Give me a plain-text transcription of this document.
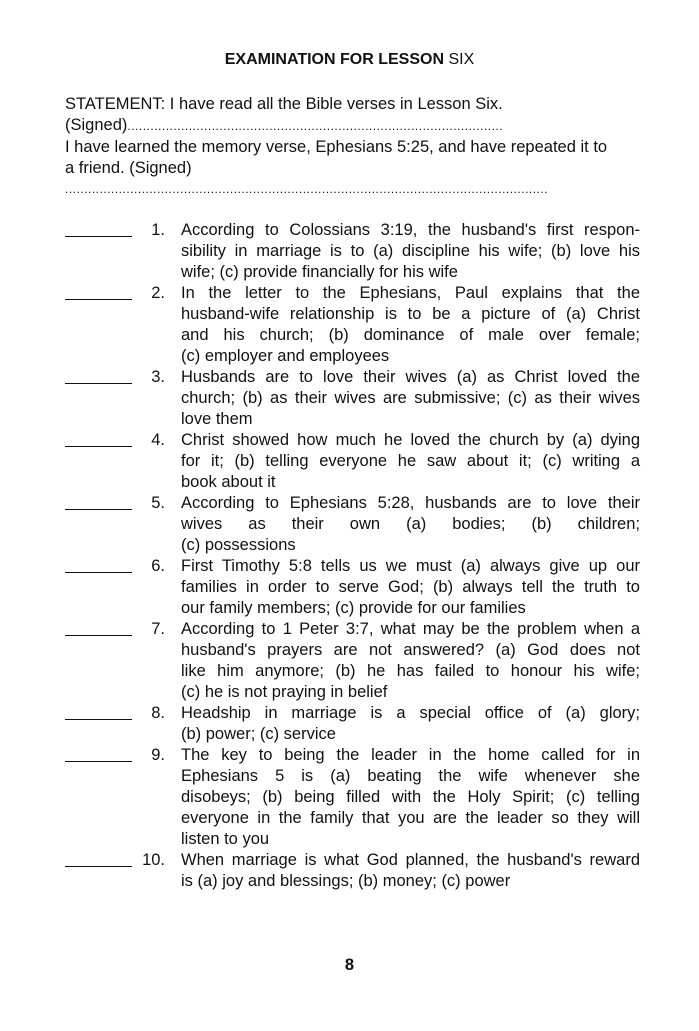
EXAMINATION FOR LESSON SIX
STATEMENT: I have read all the Bible verses in Lesson Six.
(Signed)..................................................................................................
I have learned the memory verse, Ephesians 5:25, and have repeated it to
a friend. (Signed)
..............................................................................................................................
1. According to Colossians 3:19, the husband's first respon-
sibility in marriage is to (a) discipline his wife; (b) love his
wife; (c) provide financially for his wife
2. In the letter to the Ephesians, Paul explains that the
husband-wife relationship is to be a picture of (a) Christ
and his church; (b) dominance of male over female;
(c) employer and employees
3. Husbands are to love their wives (a) as Christ loved the
church; (b) as their wives are submissive; (c) as their wives
love them
4. Christ showed how much he loved the church by (a) dying
for it; (b) telling everyone he saw about it; (c) writing a
book about it
5. According to Ephesians 5:28, husbands are to love their
wives as their own (a) bodies; (b) children;
(c) possessions
6. First Timothy 5:8 tells us we must (a) always give up our
families in order to serve God; (b) always tell the truth to
our family members; (c) provide for our families
7. According to 1 Peter 3:7, what may be the problem when a
husband's prayers are not answered? (a) God does not
like him anymore; (b) he has failed to honour his wife;
(c) he is not praying in belief
8. Headship in marriage is a special office of (a) glory;
(b) power; (c) service
9. The key to being the leader in the home called for in
Ephesians 5 is (a) beating the wife whenever she
disobeys; (b) being filled with the Holy Spirit; (c) telling
everyone in the family that you are the leader so they will
listen to you
10. When marriage is what God planned, the husband's reward
is (a) joy and blessings; (b) money; (c) power
8
